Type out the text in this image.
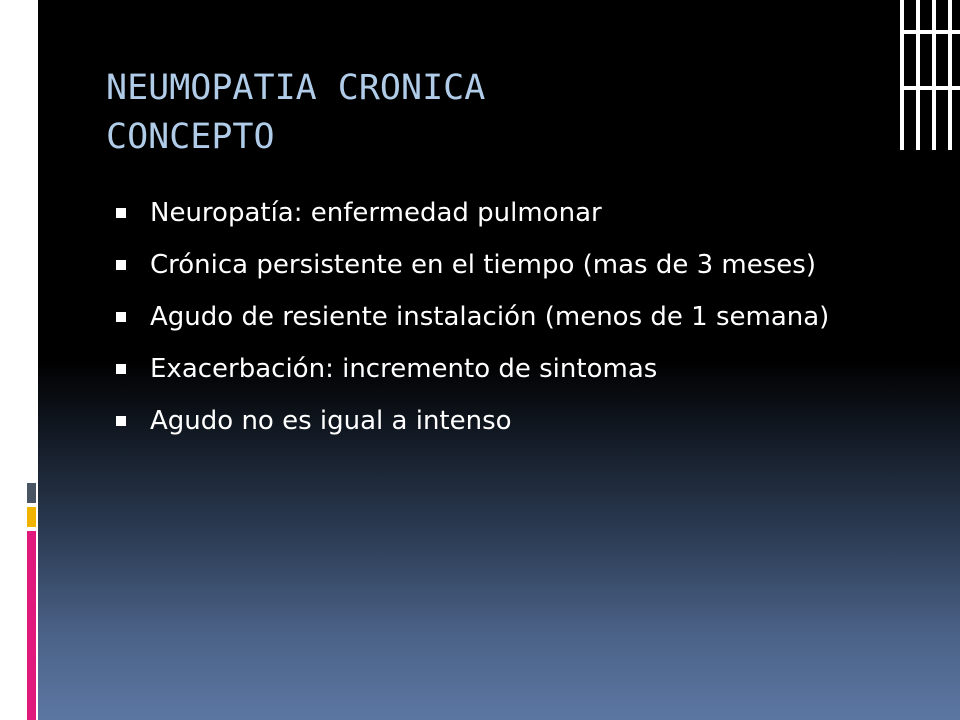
NEUMOPATIA CRONICA
CONCEPTO
Neuropatía: enfermedad pulmonar
Crónica persistente en el tiempo (mas de 3 meses)
Agudo de resiente instalación (menos de 1 semana)
Exacerbación: incremento de sintomas
Agudo no es igual a intenso
